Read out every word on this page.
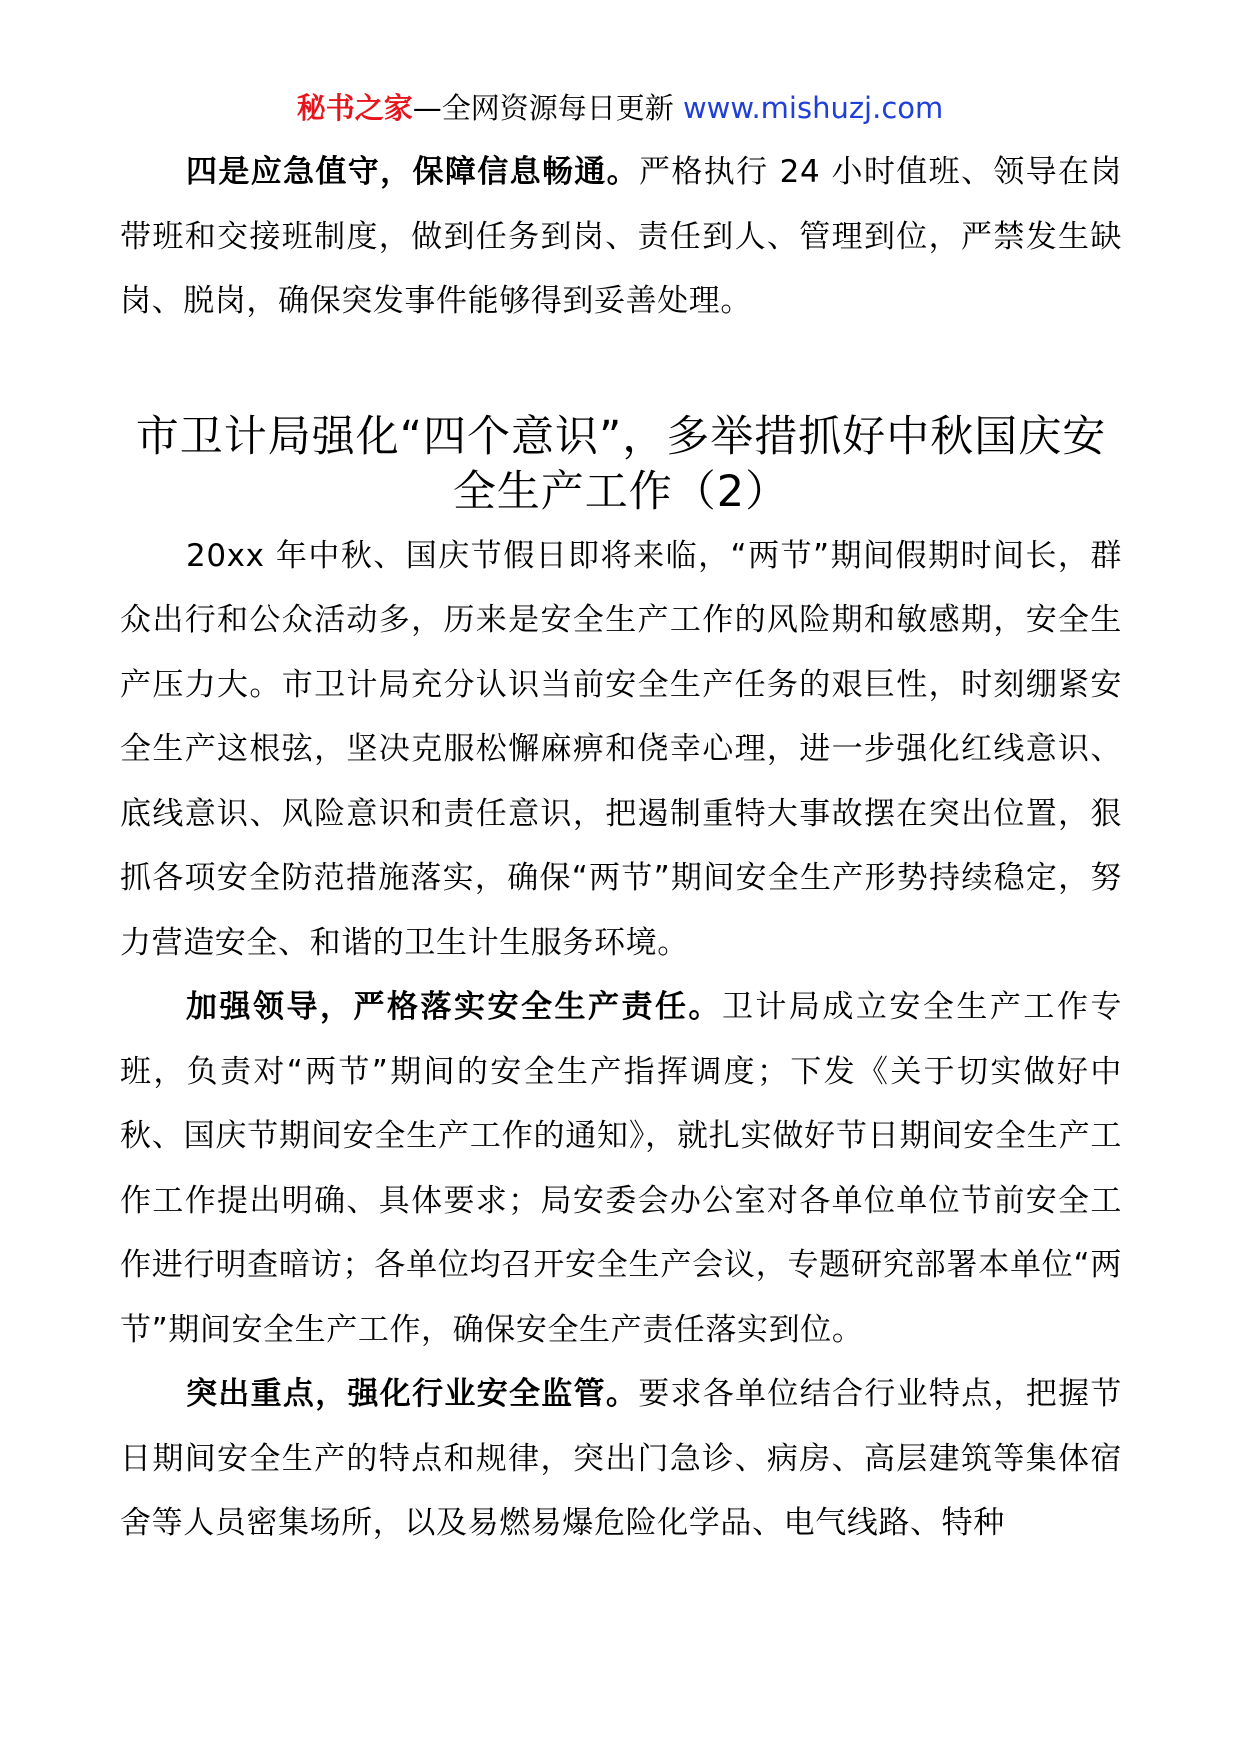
秘书之家—全网资源每日更新 www.mishuzj.com

四是应急值守，保障信息畅通。严格执行 24 小时值班、领导在岗带班和交接班制度，做到任务到岗、责任到人、管理到位，严禁发生缺岗、脱岗，确保突发事件能够得到妥善处理。

市卫计局强化“四个意识”，多举措抓好中秋国庆安全生产工作（2）

20xx 年中秋、国庆节假日即将来临，“两节”期间假期时间长，群众出行和公众活动多，历来是安全生产工作的风险期和敏感期，安全生产压力大。市卫计局充分认识当前安全生产任务的艰巨性，时刻绷紧安全生产这根弦，坚决克服松懈麻痹和侥幸心理，进一步强化红线意识、底线意识、风险意识和责任意识，把遏制重特大事故摆在突出位置，狠抓各项安全防范措施落实，确保“两节”期间安全生产形势持续稳定，努力营造安全、和谐的卫生计生服务环境。

加强领导，严格落实安全生产责任。卫计局成立安全生产工作专班，负责对“两节”期间的安全生产指挥调度；下发《关于切实做好中秋、国庆节期间安全生产工作的通知》，就扎实做好节日期间安全生产工作工作提出明确、具体要求；局安委会办公室对各单位单位节前安全工作进行明查暗访；各单位均召开安全生产会议，专题研究部署本单位“两节”期间安全生产工作，确保安全生产责任落实到位。

突出重点，强化行业安全监管。要求各单位结合行业特点，把握节日期间安全生产的特点和规律，突出门急诊、病房、高层建筑等集体宿舍等人员密集场所，以及易燃易爆危险化学品、电气线路、特种
